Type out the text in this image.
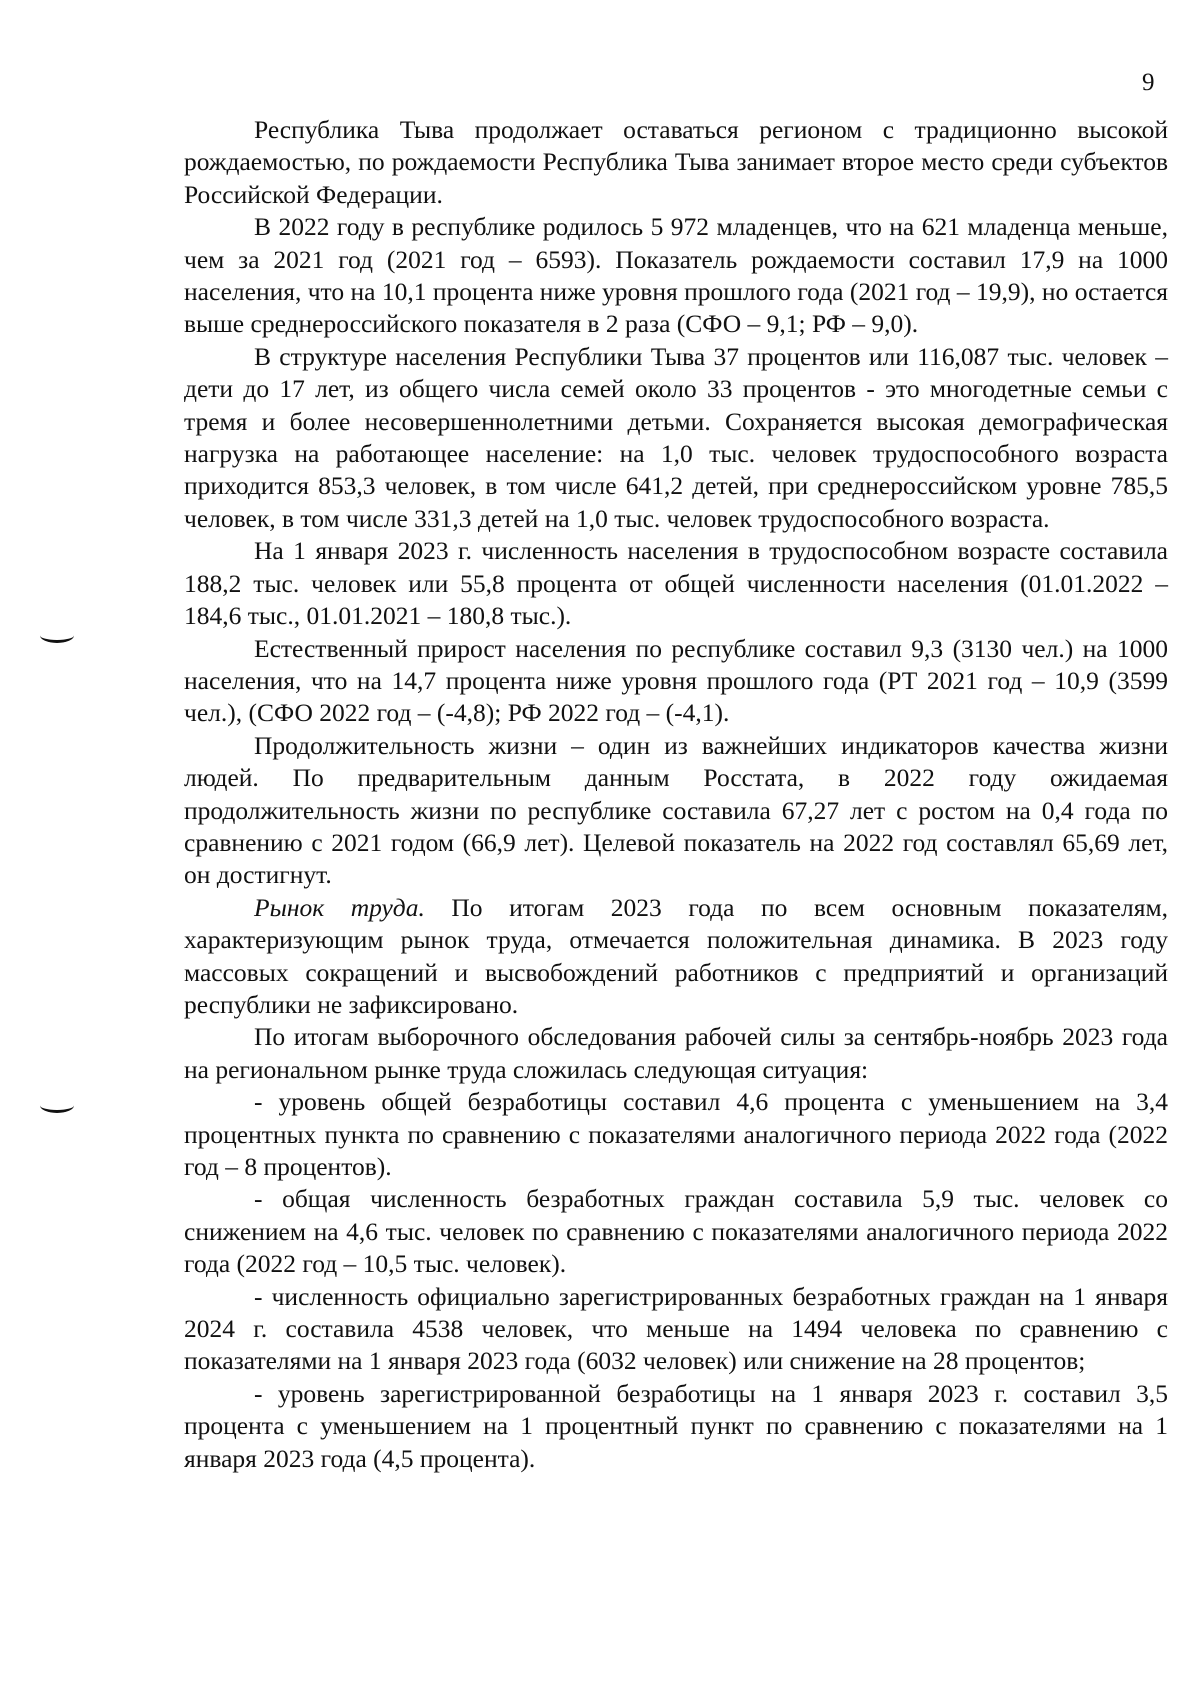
9

Республика Тыва продолжает оставаться регионом с традиционно высокой рождаемостью, по рождаемости Республика Тыва занимает второе место среди субъектов Российской Федерации.

В 2022 году в республике родилось 5 972 младенцев, что на 621 младенца меньше, чем за 2021 год (2021 год – 6593). Показатель рождаемости составил 17,9 на 1000 населения, что на 10,1 процента ниже уровня прошлого года (2021 год – 19,9), но остается выше среднероссийского показателя в 2 раза (СФО – 9,1; РФ – 9,0).

В структуре населения Республики Тыва 37 процентов или 116,087 тыс. человек – дети до 17 лет, из общего числа семей около 33 процентов - это многодетные семьи с тремя и более несовершеннолетними детьми. Сохраняется высокая демографическая нагрузка на работающее население: на 1,0 тыс. человек трудоспособного возраста приходится 853,3 человек, в том числе 641,2 детей, при среднероссийском уровне 785,5 человек, в том числе 331,3 детей на 1,0 тыс. человек трудоспособного возраста.

На 1 января 2023 г. численность населения в трудоспособном возрасте составила 188,2 тыс. человек или 55,8 процента от общей численности населения (01.01.2022 – 184,6 тыс., 01.01.2021 – 180,8 тыс.).

Естественный прирост населения по республике составил 9,3 (3130 чел.) на 1000 населения, что на 14,7 процента ниже уровня прошлого года (РТ 2021 год – 10,9 (3599 чел.), (СФО 2022 год – (-4,8); РФ 2022 год – (-4,1).

Продолжительность жизни – один из важнейших индикаторов качества жизни людей. По предварительным данным Росстата, в 2022 году ожидаемая продолжительность жизни по республике составила 67,27 лет с ростом на 0,4 года по сравнению с 2021 годом (66,9 лет). Целевой показатель на 2022 год составлял 65,69 лет, он достигнут.

Рынок труда. По итогам 2023 года по всем основным показателям, характеризующим рынок труда, отмечается положительная динамика. В 2023 году массовых сокращений и высвобождений работников с предприятий и организаций республики не зафиксировано.

По итогам выборочного обследования рабочей силы за сентябрь-ноябрь 2023 года на региональном рынке труда сложилась следующая ситуация:

- уровень общей безработицы составил 4,6 процента с уменьшением на 3,4 процентных пункта по сравнению с показателями аналогичного периода 2022 года (2022 год – 8 процентов).

- общая численность безработных граждан составила 5,9 тыс. человек со снижением на 4,6 тыс. человек по сравнению с показателями аналогичного периода 2022 года (2022 год – 10,5 тыс. человек).

- численность официально зарегистрированных безработных граждан на 1 января 2024 г. составила 4538 человек, что меньше на 1494 человека по сравнению с показателями на 1 января 2023 года (6032 человек) или снижение на 28 процентов;

- уровень зарегистрированной безработицы на 1 января 2023 г. составил 3,5 процента с уменьшением на 1 процентный пункт по сравнению с показателями на 1 января 2023 года (4,5 процента).
